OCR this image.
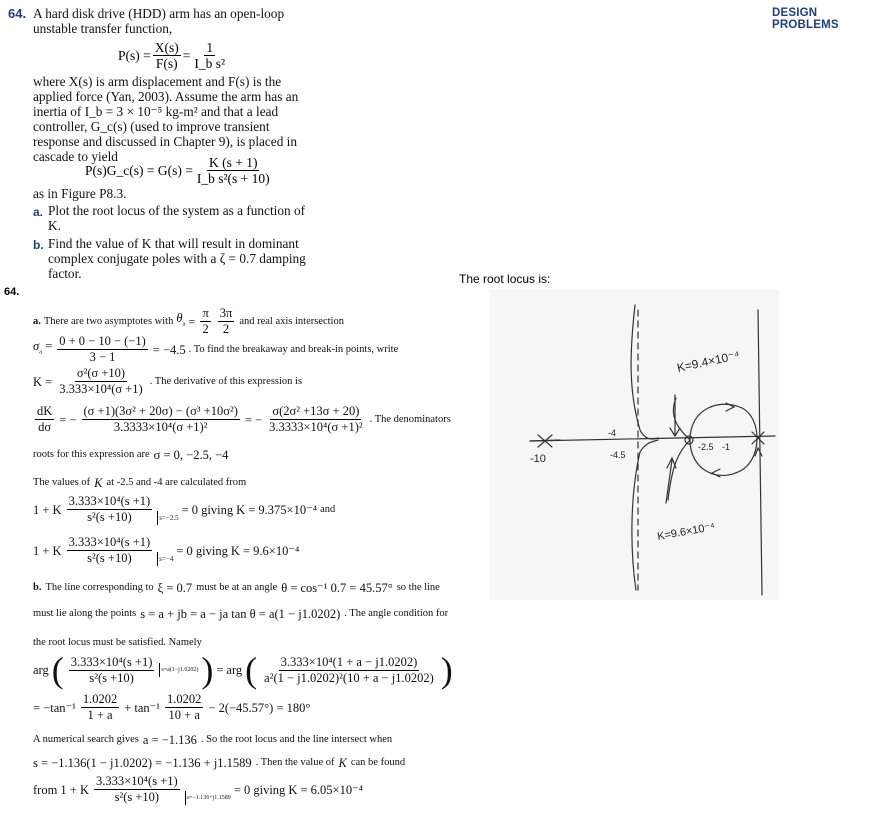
64.	DESIGN PROBLEMS
A hard disk drive (HDD) arm has an open-loop unstable transfer function,
$P(s) = \frac{X(s)}{F(s)} = \frac{1}{\text{I\_b s²}}$
where X(s) is arm displacement and F(s) is the applied force (Yan, 2003). Assume the arm has an inertia of I_b = 3 × 10⁻⁵ kg-m² and that a lead controller, G_c(s) (used to improve transient response and discussed in Chapter 9), is placed in cascade to yield
P(s)G_c(s) = $G(s) = \frac{K (s + 1)}{\text{I\_b s²(s + 10)}}$
as in Figure P8.3.
a. Plot the root locus of the system as a function of K.
b. Find the value of K that will result in dominant complex conjugate poles with a ζ = 0.7 damping factor.
64.
a. There are two asymptotes with $\theta_a = \frac{\pi}{2} \frac{3\pi}{2}$ and real axis intersection
$\sigma_a = \frac{0 + 0 - 10 - (-1)}{3 - 1} = -4.5$ . To find the breakaway and break-in points, write
$K = \frac{\text{σ²(σ +10)}}{\text{3.333×10⁴(σ +1)}}$ . The derivative of this expression is
$\frac{dK}{d\sigma}$ = − $\frac{\text{(σ +1)(3σ² + 20σ) − (σ³ +10σ²)}}{\text{3.3333×10⁴(σ +1)²}}$ = − $\frac{\text{σ(2σ² +13σ + 20)}}{\text{3.3333×10⁴(σ +1)²}}$ . The denominators
roots for this expression are σ = 0, −2.5, −4
The values of K at -2.5 and -4 are calculated from
1 + K $\frac{\text{3.333×10⁴(s +1)}}{\text{s²(s +10)}} s=-2.5$
= 0 giving K = 9.375×10⁻⁴ and
1 + K $\frac{\text{3.333×10⁴(s +1)}}{\text{s²(s +10)}} s=-4$
= 0 giving K = 9.6×10⁻⁴
b. The line corresponding to ξ = 0.7 must be at an angle θ = cos⁻¹ 0.7 = 45.57° so the line
must lie along the points s = a + jb = a − ja tan θ = a(1 − j1.0202) . The angle condition for
the root locus must be satisfied. Namely
arg ( $\frac{\text{3.333×10⁴(s +1)}}{\text{s²(s +10)}}$	s=a(1−j1.0202) ) = arg ( $\frac{\text{3.333×10⁴(1 + a − j1.0202)}}{\text{a²(1 − j1.0202)²(10 + a − j1.0202)}}$ )
= $-\tan^{-1} \frac{1.0202}{1 + a} + \tan^{-1} \frac{1.0202}{10 + a} - 2(-45.57^\circ) = 180^\circ$
A numerical search gives a = −1.136 . So the root locus and the line intersect when
s = −1.136(1 − j1.0202) = −1.136 + j1.1589 . Then the value of K can be found
from 1 + K $\frac{\text{3.333×10⁴(s +1)}}{\text{s²(s +10)}}$	s=−1.136+j1.1589
= 0 giving K = 6.05×10⁻⁴
The root locus is:
-10	-4.5
-4
-2.5 -1
K=9.4×10⁻⁴
K=9.6×10⁻⁴
